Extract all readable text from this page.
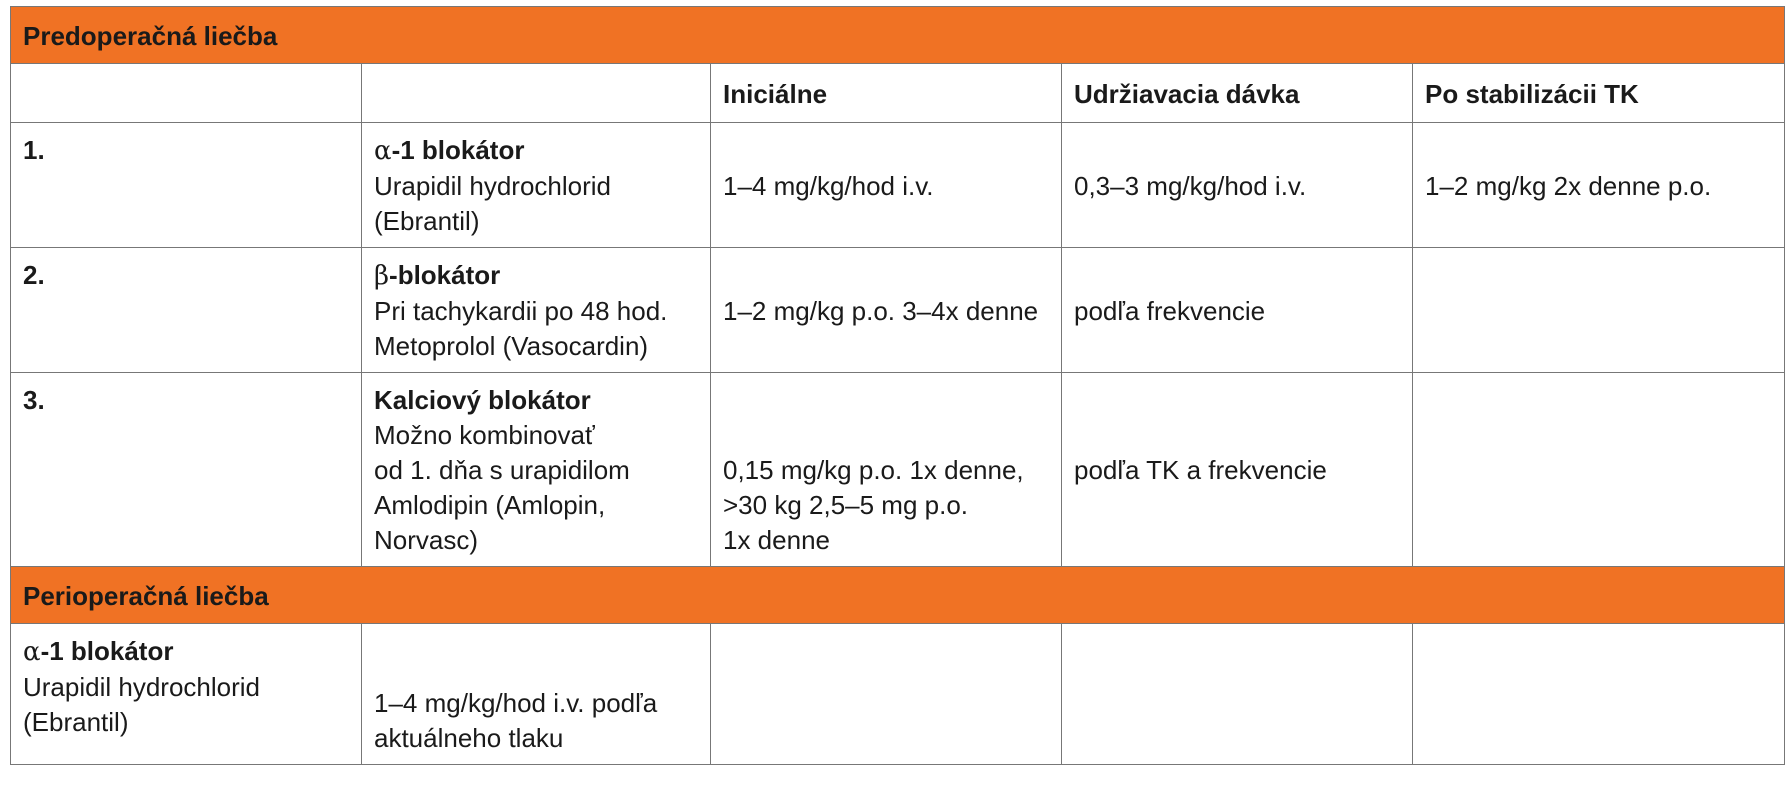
Predoperačná liečba				
		Iniciálne	Udržiavacia dávka	Po stabilizácii TK

1.	α-1 blokátor
Urapidil hydrochlorid
(Ebrantil)	1–4 mg/kg/hod i.v.	0,3–3 mg/kg/hod i.v.	1–2 mg/kg 2x denne p.o.

2.	β-blokátor
Pri tachykardii po 48 hod.
Metoprolol (Vasocardin)	1–2 mg/kg p.o. 3–4x denne	podľa frekvencie	

3.	Kalciový blokátor
Možno kombinovať
od 1. dňa s urapidilom
Amlodipin (Amlopin,
Norvasc)	0,15 mg/kg p.o. 1x denne,
>30 kg 2,5–5 mg p.o.
1x denne	podľa TK a frekvencie	
Perioperačná liečba				

α-1 blokátor
Urapidil hydrochlorid
(Ebrantil)	1–4 mg/kg/hod i.v. podľa
aktuálneho tlaku			
